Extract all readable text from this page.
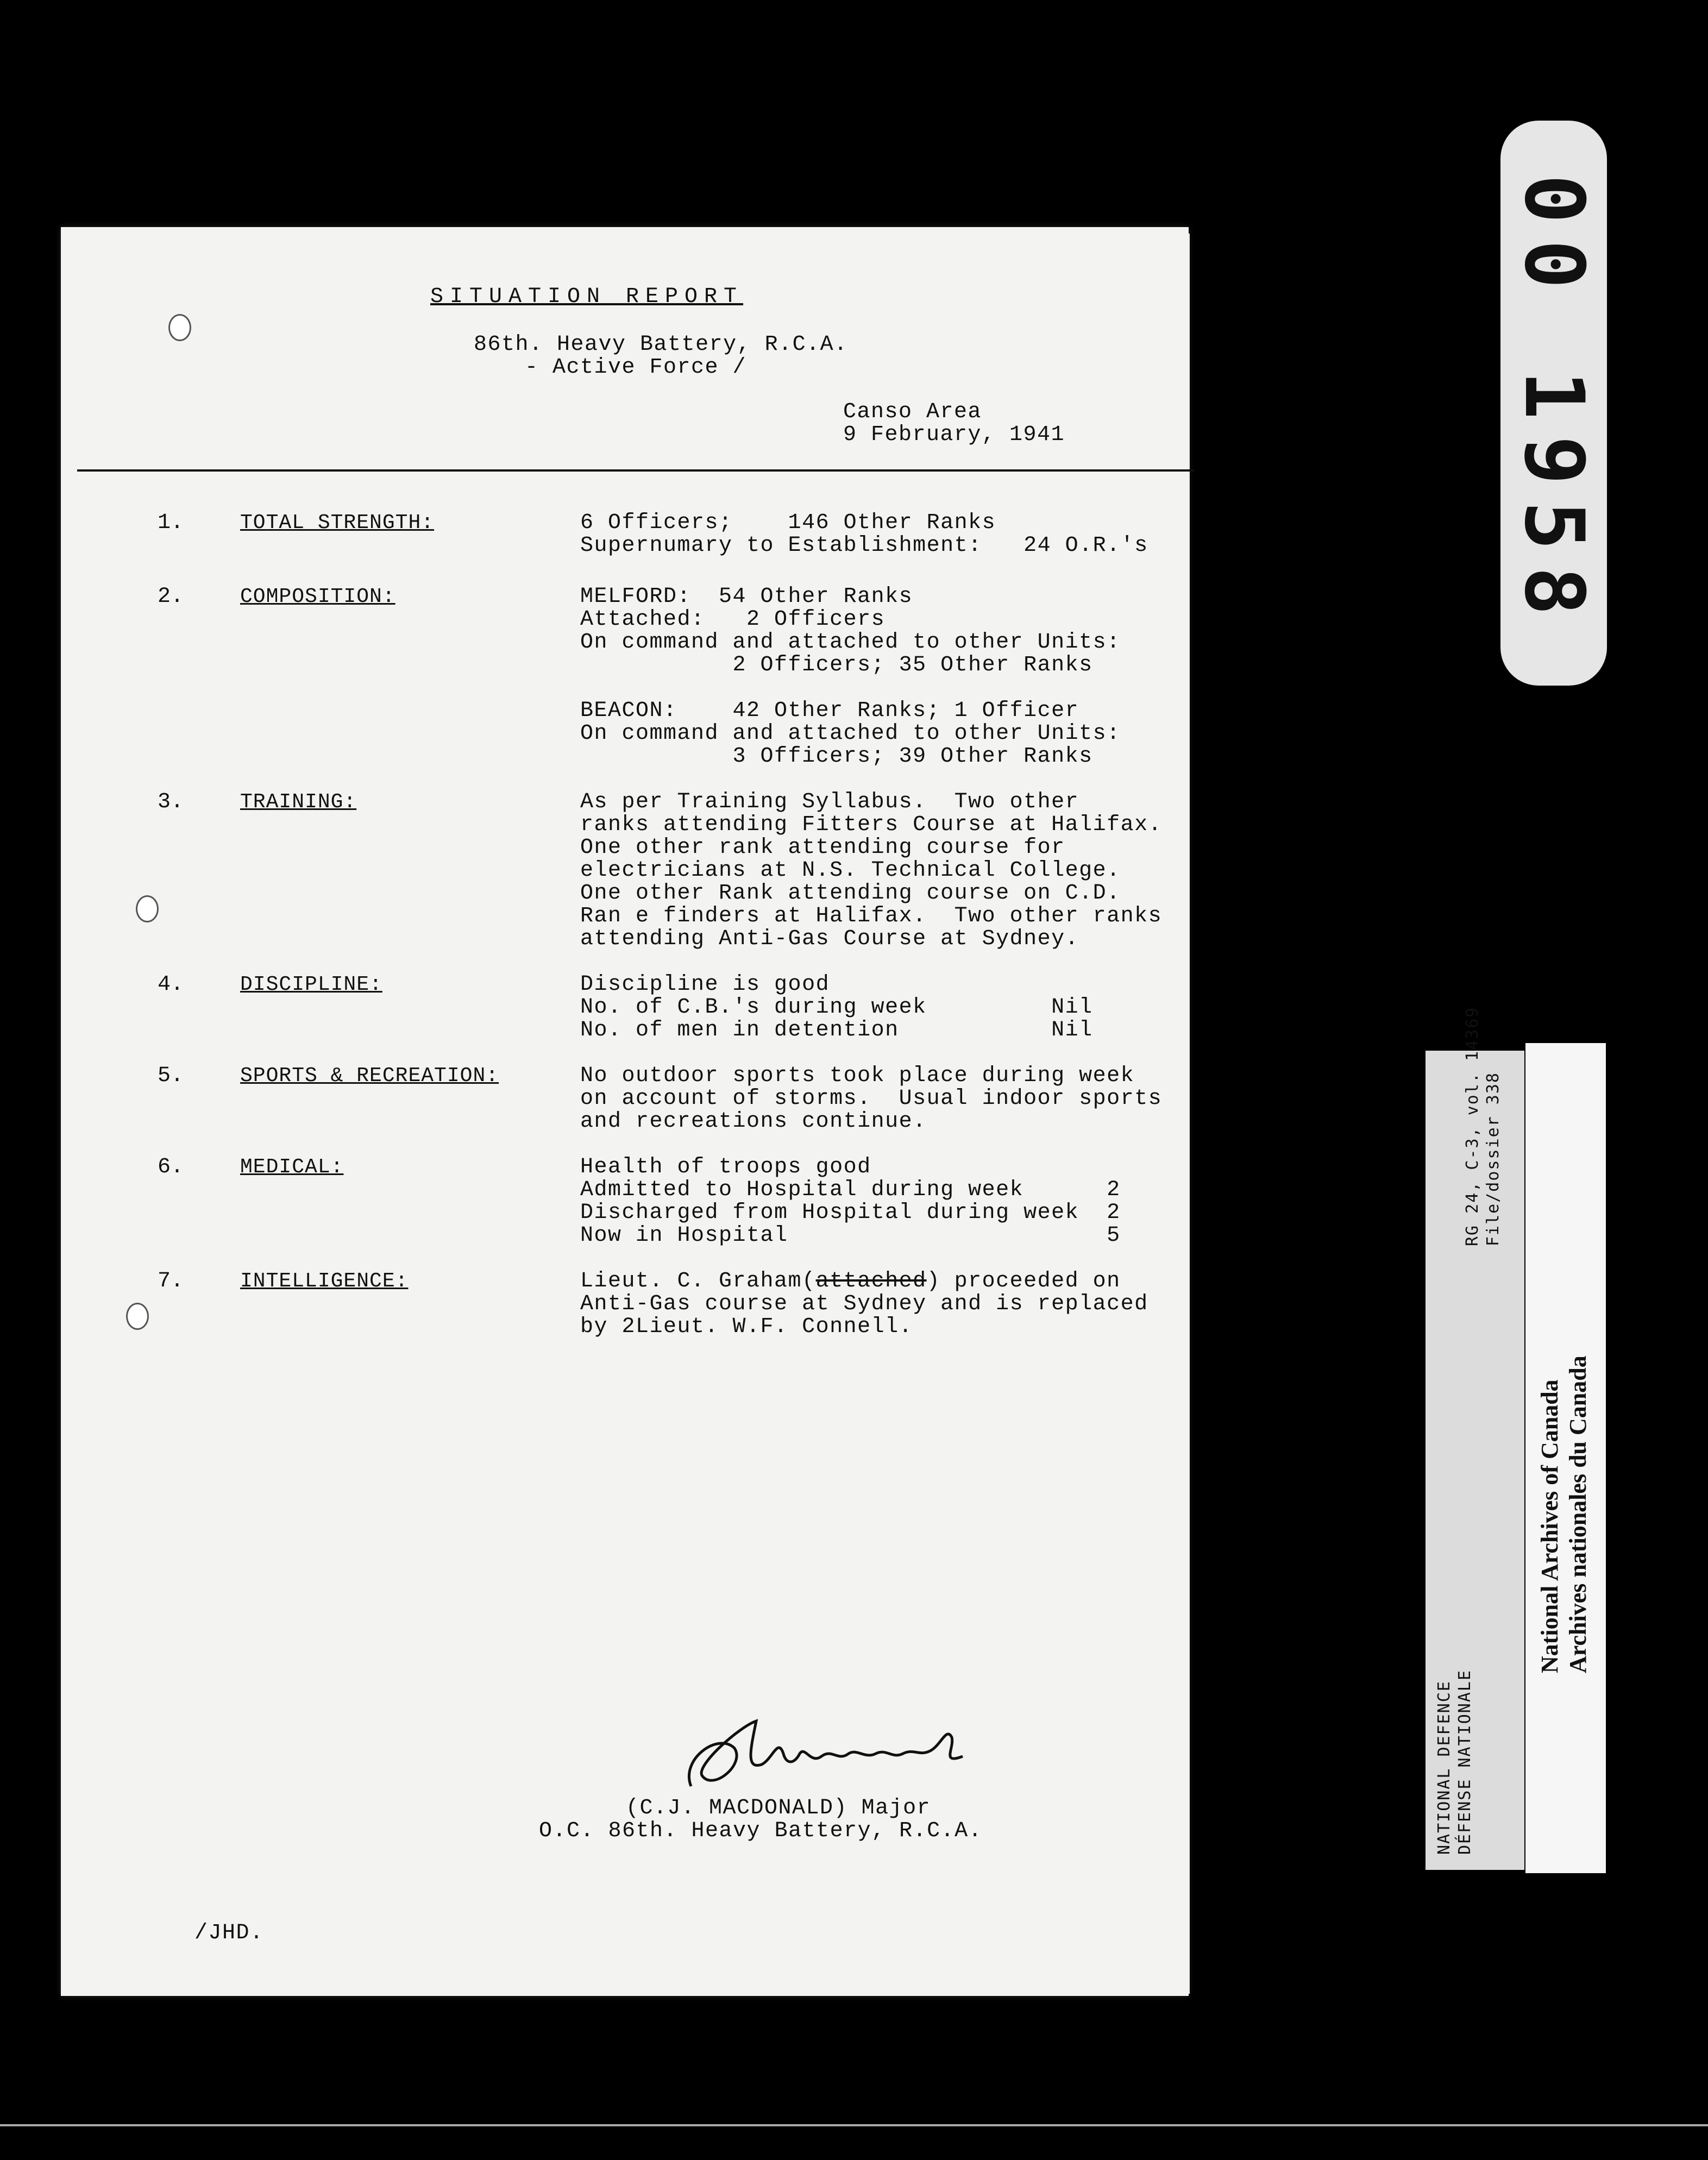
SITUATION REPORT
86th. Heavy Battery, R.C.A.
- Active Force /
Canso Area
9 February, 1941
1.	TOTAL STRENGTH:	6 Officers;    146 Other Ranks
Supernumary to Establishment:   24 O.R.'s
2.	COMPOSITION:	MELFORD:  54 Other Ranks
Attached:   2 Officers
On command and attached to other Units:
2 Officers; 35 Other Ranks
BEACON:    42 Other Ranks; 1 Officer
On command and attached to other Units:
3 Officers; 39 Other Ranks
3.	TRAINING:	As per Training Syllabus.  Two other
ranks attending Fitters Course at Halifax.
One other rank attending course for
electricians at N.S. Technical College.
One other Rank attending course on C.D.
Ran e finders at Halifax.  Two other ranks
attending Anti-Gas Course at Sydney.
4.	DISCIPLINE:	Discipline is good
No. of C.B.'s during week         Nil
No. of men in detention           Nil
5.	SPORTS & RECREATION:	No outdoor sports took place during week
on account of storms.  Usual indoor sports
and recreations continue.
6.	MEDICAL:	Health of troops good
Admitted to Hospital during week      2
Discharged from Hospital during week  2
Now in Hospital                       5
7.	INTELLIGENCE:	Lieut. C. Graham(attached) proceeded on
Anti-Gas course at Sydney and is replaced
by 2Lieut. W.F. Connell.
(C.J. MACDONALD) Major
O.C. 86th. Heavy Battery, R.C.A.
/JHD.
00 1958
NATIONAL DEFENCE DÉFENSE NATIONALE
RG 24, C-3, vol. 14369 File/dossier 338
National Archives of Canada Archives nationales du Canada
